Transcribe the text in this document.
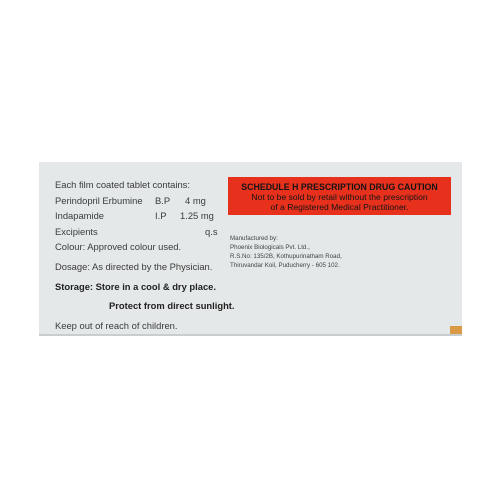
Each film coated tablet contains:
Perindopril Erbumine	B.P	4 mg
Indapamide	I.P	1.25 mg
Excipients	q.s
Colour: Approved colour used.
Dosage: As directed by the Physician.
Storage: Store in a cool & dry place.
Protect from direct sunlight.
Keep out of reach of children.
SCHEDULE H PRESCRIPTION DRUG CAUTION
Not to be sold by retail without the prescription
of a Registered Medical Practitioner.
Manufactured by:
Phoenix Biologicals Pvt. Ltd.,
R.S.No: 135/2B, Kothupurinatham Road,
Thiruvandar Koil, Puducherry - 605 102.
